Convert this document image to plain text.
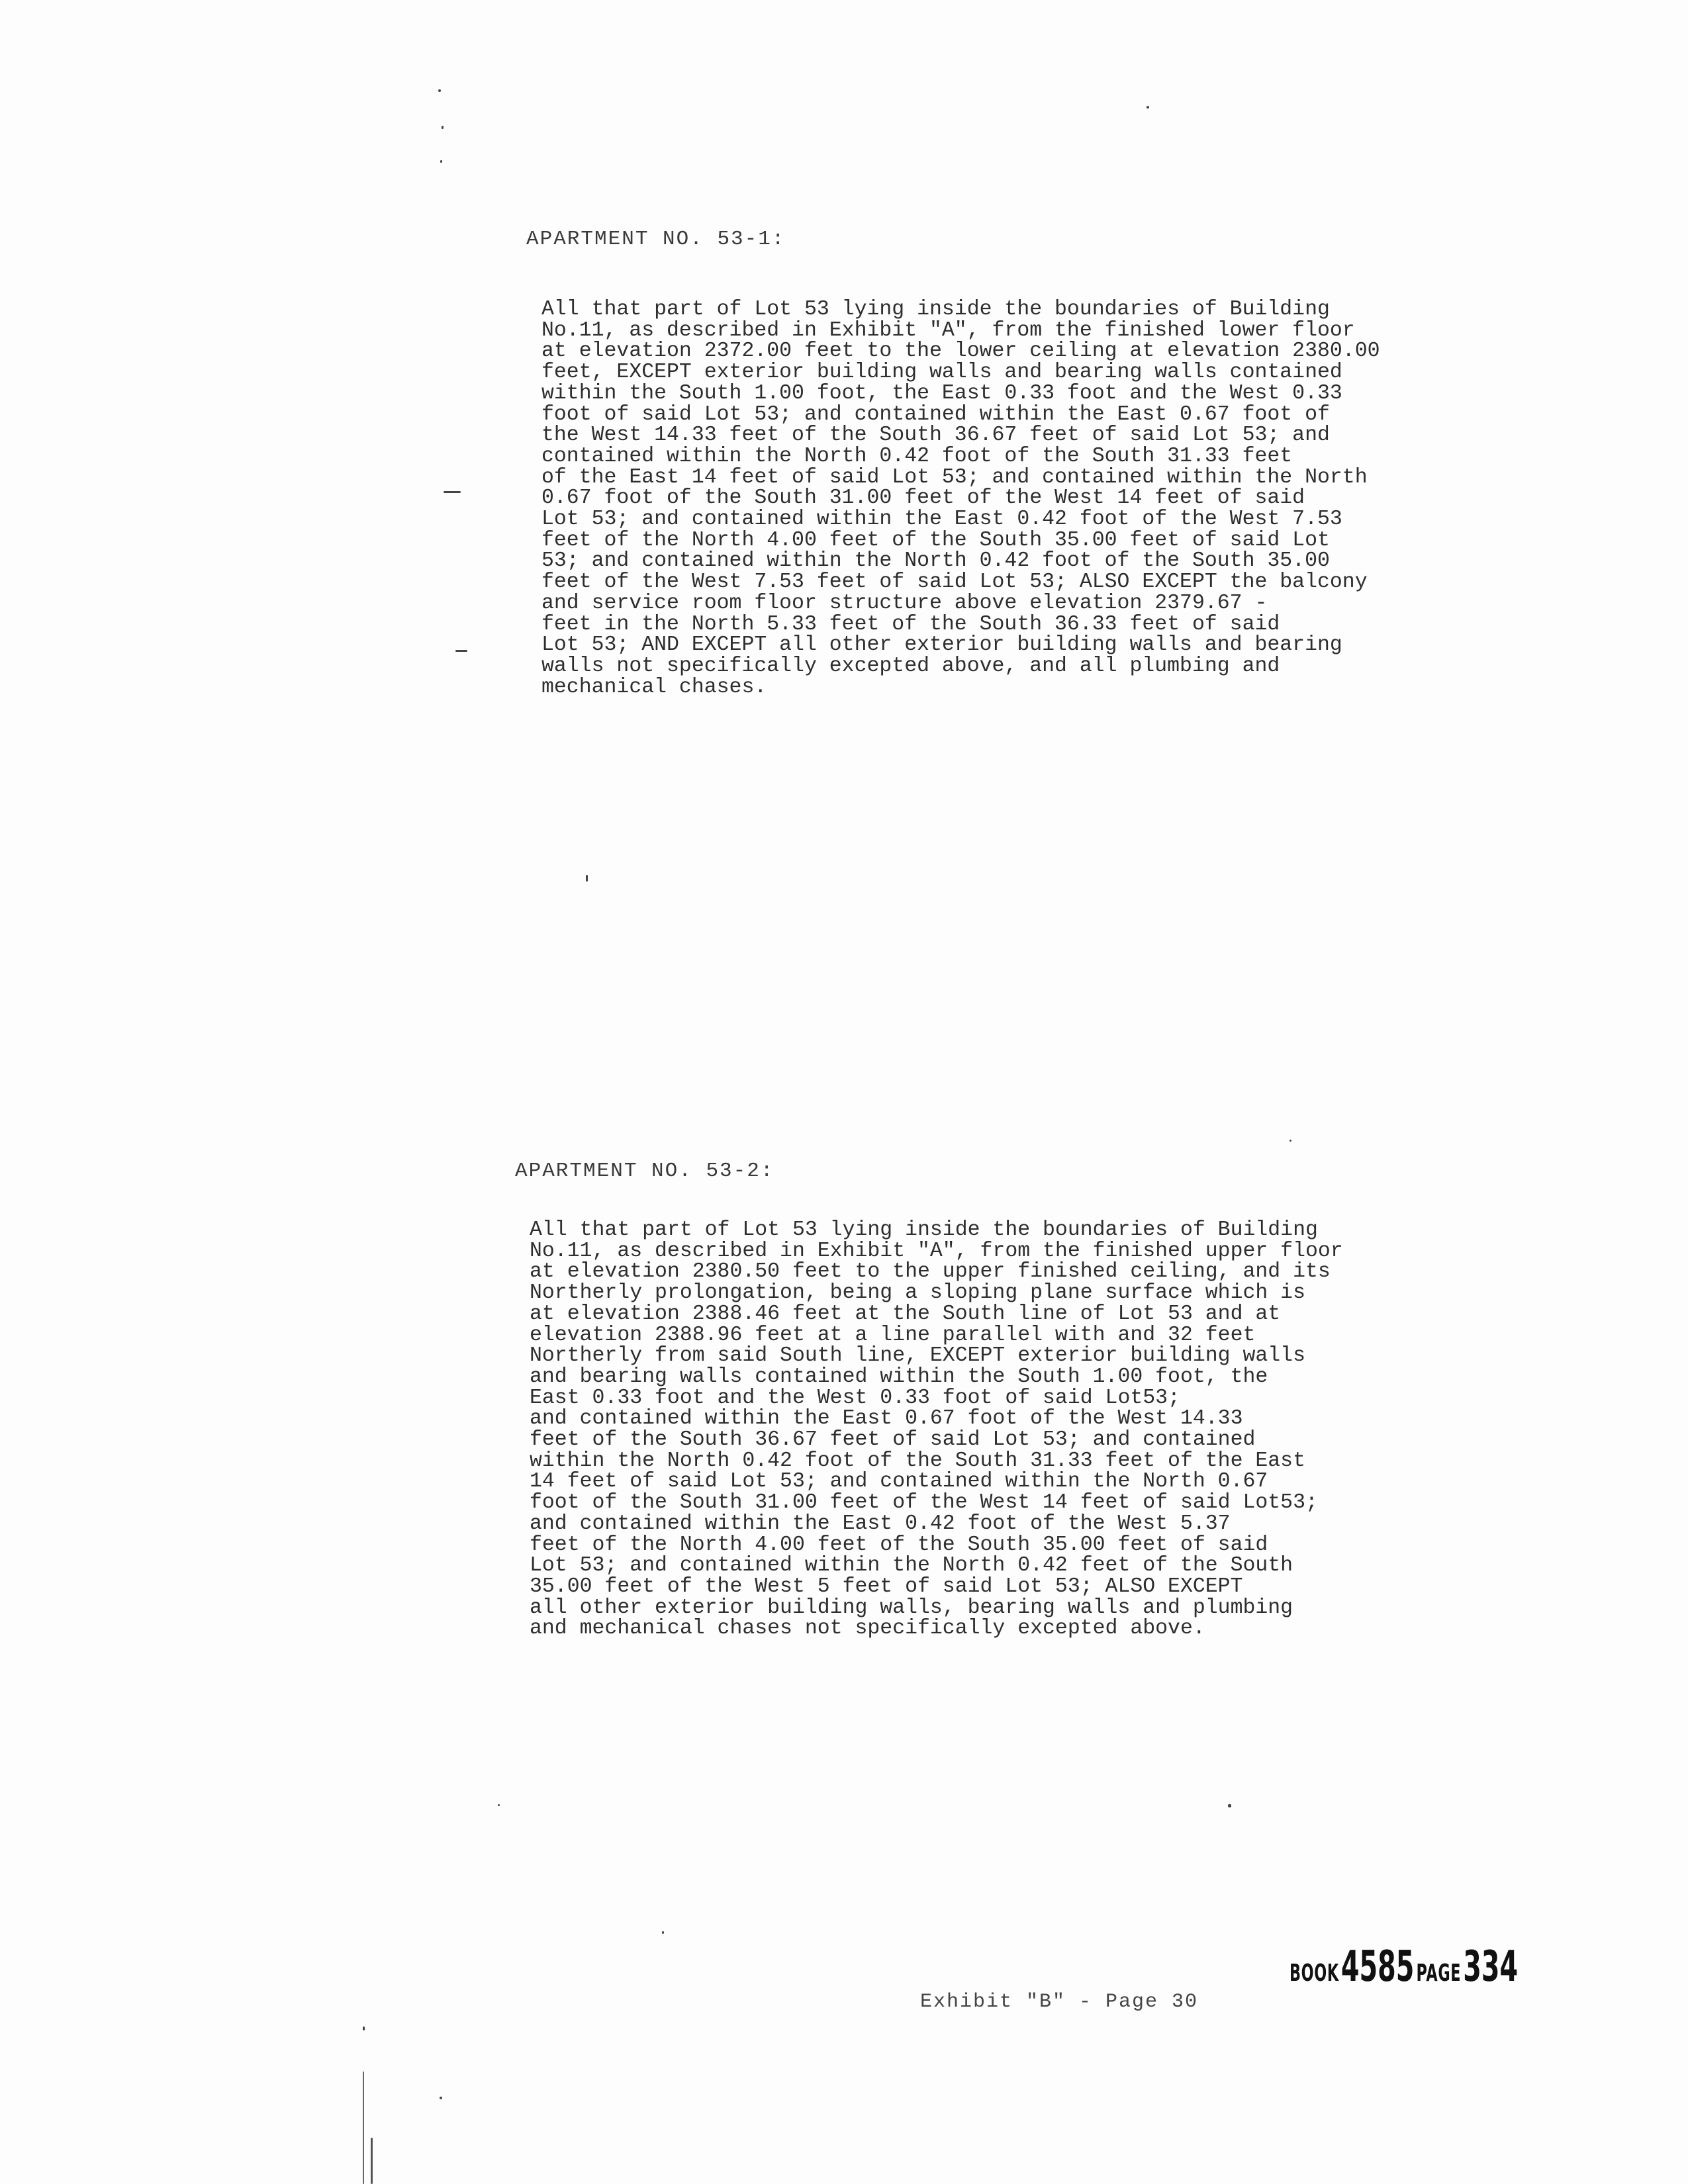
APARTMENT NO. 53-1:
All that part of Lot 53 lying inside the boundaries of Building
No.11, as described in Exhibit "A", from the finished lower floor
at elevation 2372.00 feet to the lower ceiling at elevation 2380.00
feet, EXCEPT exterior building walls and bearing walls contained
within the South 1.00 foot, the East 0.33 foot and the West 0.33
foot of said Lot 53; and contained within the East 0.67 foot of
the West 14.33 feet of the South 36.67 feet of said Lot 53; and
contained within the North 0.42 foot of the South 31.33 feet
of the East 14 feet of said Lot 53; and contained within the North
0.67 foot of the South 31.00 feet of the West 14 feet of said
Lot 53; and contained within the East 0.42 foot of the West 7.53
feet of the North 4.00 feet of the South 35.00 feet of said Lot
53; and contained within the North 0.42 foot of the South 35.00
feet of the West 7.53 feet of said Lot 53; ALSO EXCEPT the balcony
and service room floor structure above elevation 2379.67 -
feet in the North 5.33 feet of the South 36.33 feet of said
Lot 53; AND EXCEPT all other exterior building walls and bearing
walls not specifically excepted above, and all plumbing and
mechanical chases.
APARTMENT NO. 53-2:
All that part of Lot 53 lying inside the boundaries of Building
No.11, as described in Exhibit "A", from the finished upper floor
at elevation 2380.50 feet to the upper finished ceiling, and its
Northerly prolongation, being a sloping plane surface which is
at elevation 2388.46 feet at the South line of Lot 53 and at
elevation 2388.96 feet at a line parallel with and 32 feet
Northerly from said South line, EXCEPT exterior building walls
and bearing walls contained within the South 1.00 foot, the
East 0.33 foot and the West 0.33 foot of said Lot53;
and contained within the East 0.67 foot of the West 14.33
feet of the South 36.67 feet of said Lot 53; and contained
within the North 0.42 foot of the South 31.33 feet of the East
14 feet of said Lot 53; and contained within the North 0.67
foot of the South 31.00 feet of the West 14 feet of said Lot53;
and contained within the East 0.42 foot of the West 5.37
feet of the North 4.00 feet of the South 35.00 feet of said
Lot 53; and contained within the North 0.42 feet of the South
35.00 feet of the West 5 feet of said Lot 53; ALSO EXCEPT
all other exterior building walls, bearing walls and plumbing
and mechanical chases not specifically excepted above.
BOOK 4585 PAGE 334
Exhibit "B" - Page 30
